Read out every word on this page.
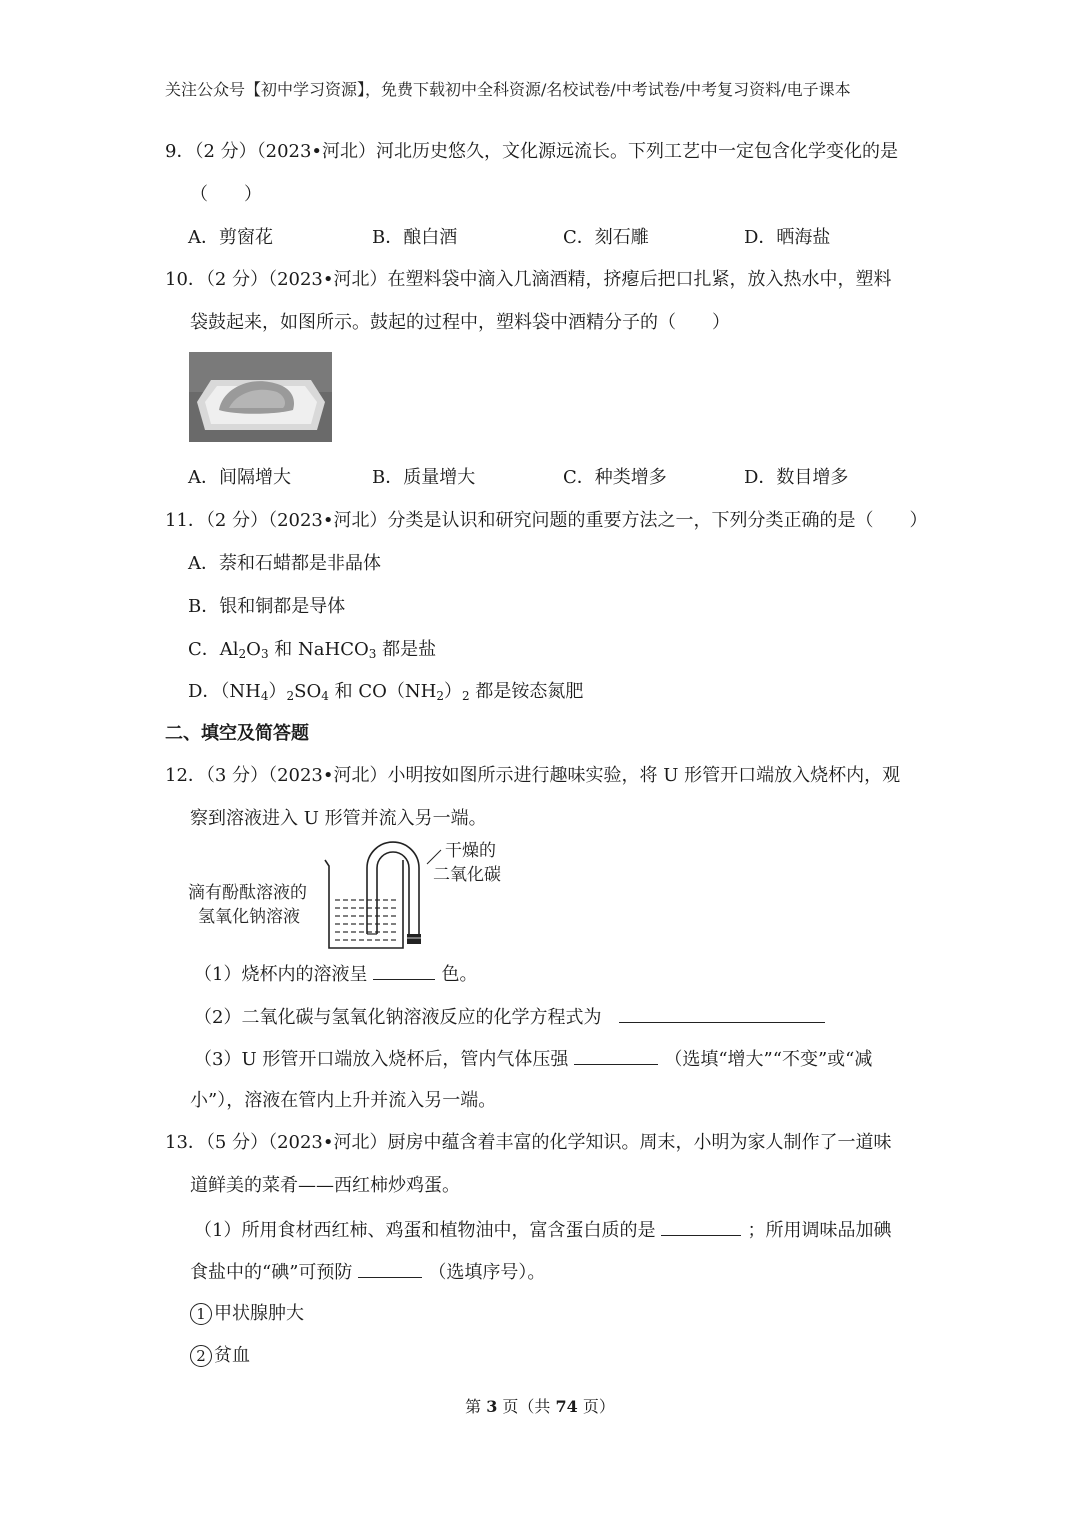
关注公众号【初中学习资源】，免费下载初中全科资源/名校试卷/中考试卷/中考复习资料/电子课本
9．（2 分）（2023•河北）河北历史悠久，文化源远流长。下列工艺中一定包含化学变化的是
（　　）
A．剪窗花	B．酿白酒	C．刻石雕	D．晒海盐
10．（2 分）（2023•河北）在塑料袋中滴入几滴酒精，挤瘪后把口扎紧，放入热水中，塑料
袋鼓起来，如图所示。鼓起的过程中，塑料袋中酒精分子的（　　）
A．间隔增大	B．质量增大	C．种类增多	D．数目增多
11．（2 分）（2023•河北）分类是认识和研究问题的重要方法之一，下列分类正确的是（　　）
A．萘和石蜡都是非晶体
B．银和铜都是导体
C．$Al_2O_3$ 和 NaHCO$_3$ 都是盐
D．$(NH_4)_2SO_4$ 和 $CO(NH_2)_2$ 都是铵态氮肥
二、填空及简答题
12．（3 分）（2023•河北）小明按如图所示进行趣味实验，将 U 形管开口端放入烧杯内，观
察到溶液进入 U 形管并流入另一端。
滴有酚酞溶液的
氢氧化钠溶液
干燥的
二氧化碳
（1）烧杯内的溶液呈	色。
（2）二氧化碳与氢氧化钠溶液反应的化学方程式为
（3）U 形管开口端放入烧杯后，管内气体压强	（选填“增大”“不变”或“减
小”），溶液在管内上升并流入另一端。
13．（5 分）（2023•河北）厨房中蕴含着丰富的化学知识。周末，小明为家人制作了一道味
道鲜美的菜肴——西红柿炒鸡蛋。
（1）所用食材西红柿、鸡蛋和植物油中，富含蛋白质的是	；所用调味品加碘
食盐中的“碘”可预防	（选填序号）。
1 甲状腺肿大
2 贫血
第 3 页（共 74 页）
